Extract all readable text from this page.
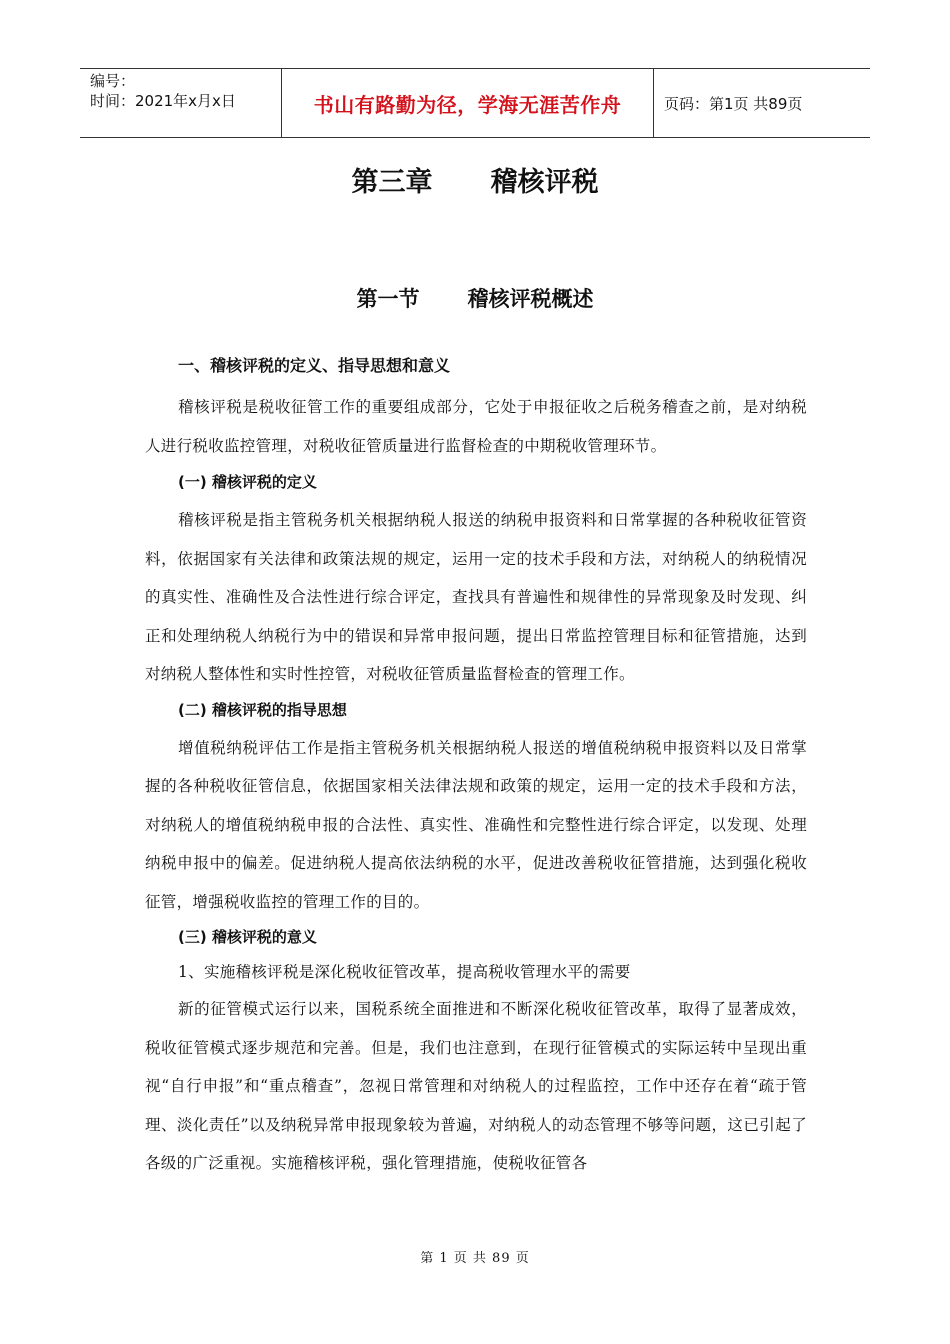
编号：
时间：2021年x月x日	书山有路勤为径，学海无涯苦作舟	页码：第1页 共89页
第三章 稽核评税
第一节 稽核评税概述
一、稽核评税的定义、指导思想和意义

稽核评税是税收征管工作的重要组成部分，它处于申报征收之后税务稽查之前，是对纳税人进行税收监控管理，对税收征管质量进行监督检查的中期税收管理环节。

(一) 稽核评税的定义

稽核评税是指主管税务机关根据纳税人报送的纳税申报资料和日常掌握的各种税收征管资料，依据国家有关法律和政策法规的规定，运用一定的技术手段和方法，对纳税人的纳税情况的真实性、准确性及合法性进行综合评定，查找具有普遍性和规律性的异常现象及时发现、纠正和处理纳税人纳税行为中的错误和异常申报问题，提出日常监控管理目标和征管措施，达到对纳税人整体性和实时性控管，对税收征管质量监督检查的管理工作。

(二) 稽核评税的指导思想

增值税纳税评估工作是指主管税务机关根据纳税人报送的增值税纳税申报资料以及日常掌握的各种税收征管信息，依据国家相关法律法规和政策的规定，运用一定的技术手段和方法，对纳税人的增值税纳税申报的合法性、真实性、准确性和完整性进行综合评定，以发现、处理纳税申报中的偏差。促进纳税人提高依法纳税的水平，促进改善税收征管措施，达到强化税收征管，增强税收监控的管理工作的目的。

(三) 稽核评税的意义

1、实施稽核评税是深化税收征管改革，提高税收管理水平的需要

新的征管模式运行以来，国税系统全面推进和不断深化税收征管改革，取得了显著成效，税收征管模式逐步规范和完善。但是，我们也注意到，在现行征管模式的实际运转中呈现出重视“自行申报”和“重点稽查”，忽视日常管理和对纳税人的过程监控，工作中还存在着“疏于管理、淡化责任”以及纳税异常申报现象较为普遍，对纳税人的动态管理不够等问题，这已引起了各级的广泛重视。实施稽核评税，强化管理措施，使税收征管各

第 1 页 共 89 页
